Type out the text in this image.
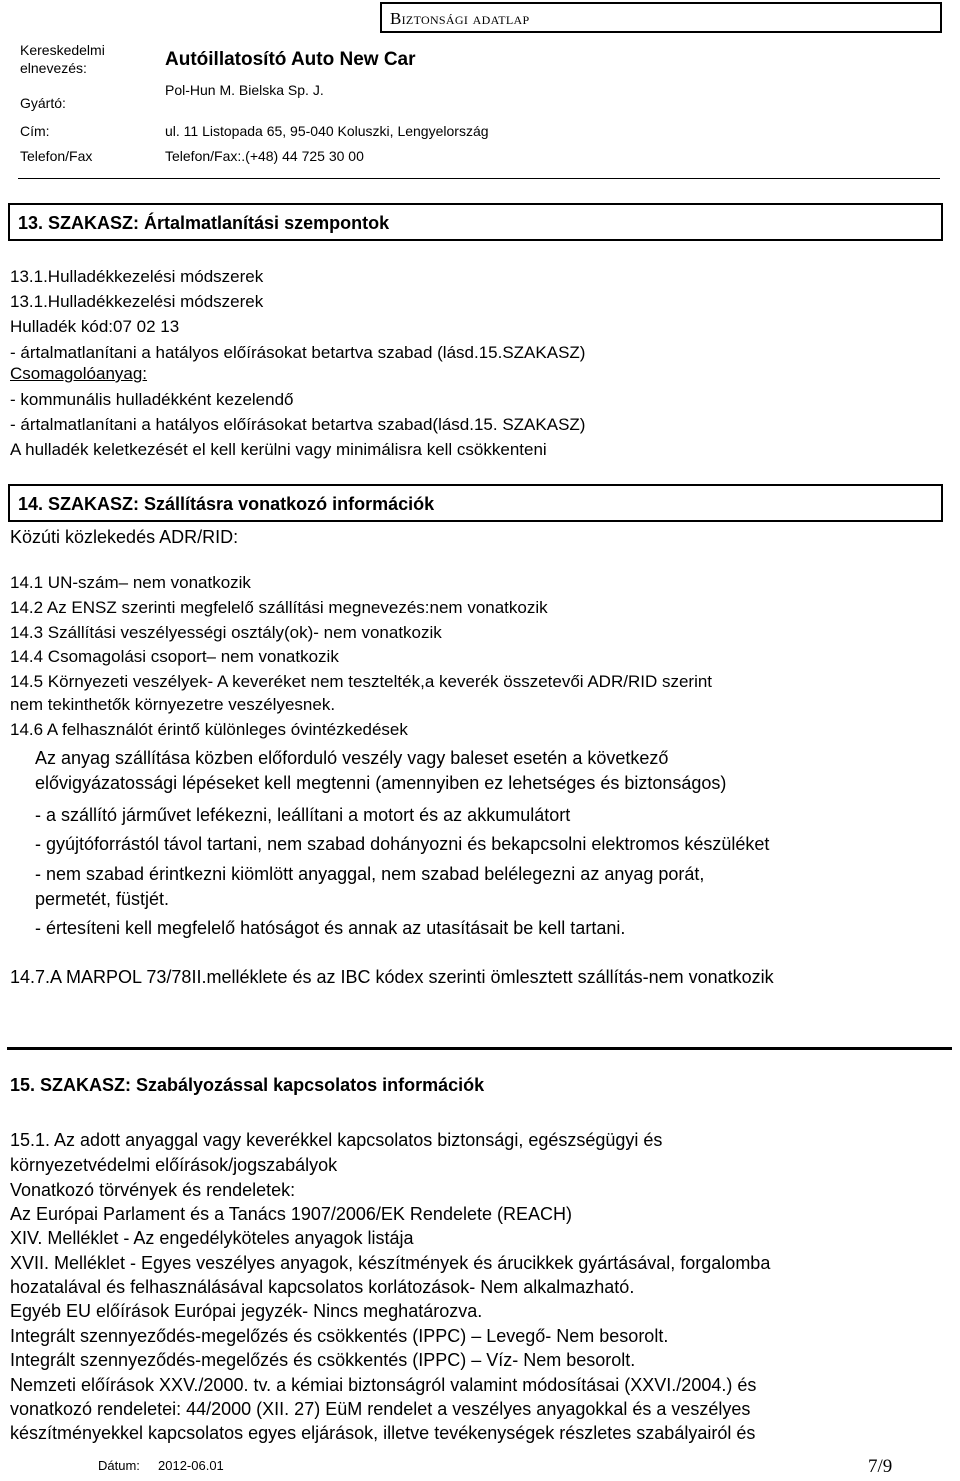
Biztonsági adatlap
Kereskedelmi
elnevezés:	Autóillatosító Auto New Car
Gyártó:
Pol-Hun M. Bielska Sp. J.
Cím:	ul. 11 Listopada 65, 95-040 Koluszki, Lengyelország
Telefon/Fax	Telefon/Fax:.(+48) 44 725 30 00
13. SZAKASZ: Ártalmatlanítási szempontok
13.1.Hulladékkezelési módszerek
13.1.Hulladékkezelési módszerek
Hulladék kód:07 02 13
- ártalmatlanítani a hatályos előírásokat betartva szabad (lásd.15.SZAKASZ)
Csomagolóanyag:
- kommunális hulladékként kezelendő
- ártalmatlanítani a hatályos előírásokat betartva szabad(lásd.15. SZAKASZ)
A hulladék keletkezését el kell kerülni vagy minimálisra kell csökkenteni
14. SZAKASZ: Szállításra vonatkozó információk
Közúti közlekedés ADR/RID:
14.1 UN-szám– nem vonatkozik
14.2 Az ENSZ szerinti megfelelő szállítási megnevezés:nem vonatkozik
14.3 Szállítási veszélyességi osztály(ok)- nem vonatkozik
14.4 Csomagolási csoport– nem vonatkozik
14.5 Környezeti veszélyek- A keveréket nem tesztelték,a keverék összetevői ADR/RID szerint
nem tekinthetők környezetre veszélyesnek.
14.6 A felhasználót érintő különleges óvintézkedések
Az anyag szállítása közben előforduló veszély vagy baleset esetén a következő
elővigyázatossági lépéseket kell megtenni (amennyiben ez lehetséges és biztonságos)
- a szállító járművet lefékezni, leállítani a motort és az akkumulátort
- gyújtóforrástól távol tartani, nem szabad dohányozni és bekapcsolni elektromos készüléket
- nem szabad érintkezni kiömlött anyaggal, nem szabad belélegezni az anyag porát,
permetét, füstjét.
- értesíteni kell megfelelő hatóságot és annak az utasításait be kell tartani.
14.7.A MARPOL 73/78II.melléklete és az IBC kódex szerinti ömlesztett szállítás-nem vonatkozik
15. SZAKASZ: Szabályozással kapcsolatos információk
15.1. Az adott anyaggal vagy keverékkel kapcsolatos biztonsági, egészségügyi és
környezetvédelmi előírások/jogszabályok
Vonatkozó törvények és rendeletek:
Az Európai Parlament és a Tanács 1907/2006/EK Rendelete (REACH)
XIV. Melléklet - Az engedélyköteles anyagok listája
XVII. Melléklet - Egyes veszélyes anyagok, készítmények és árucikkek gyártásával, forgalomba
hozatalával és felhasználásával kapcsolatos korlátozások- Nem alkalmazható.
Egyéb EU előírások Európai jegyzék- Nincs meghatározva.
Integrált szennyeződés-megelőzés és csökkentés (IPPC) – Levegő- Nem besorolt.
Integrált szennyeződés-megelőzés és csökkentés (IPPC) – Víz- Nem besorolt.
Nemzeti előírások XXV./2000. tv. a kémiai biztonságról valamint módosításai (XXVI./2004.) és
vonatkozó rendeletei: 44/2000 (XII. 27) EüM rendelet a veszélyes anyagokkal és a veszélyes
készítményekkel kapcsolatos egyes eljárások, illetve tevékenységek részletes szabályairól és
Dátum: 2012-06.01	7/9
